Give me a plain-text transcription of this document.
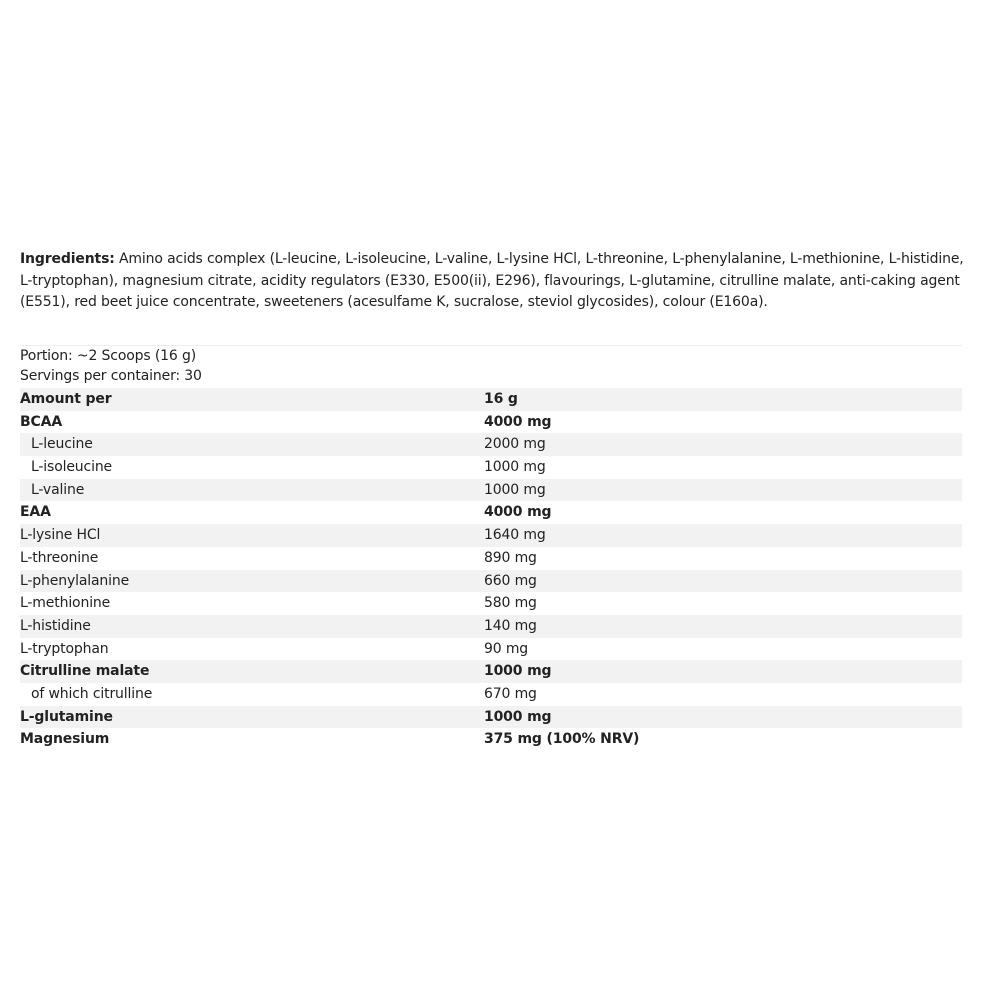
Ingredients: Amino acids complex (L-leucine, L-isoleucine, L-valine, L-lysine HCl, L-threonine, L-phenylalanine, L-methionine, L-histidine, L-tryptophan), magnesium citrate, acidity regulators (E330, E500(ii), E296), flavourings, L-glutamine, citrulline malate, anti-caking agent (E551), red beet juice concentrate, sweeteners (acesulfame K, sucralose, steviol glycosides), colour (E160a).
Portion: ~2 Scoops (16 g)
Servings per container: 30
Amount per	16 g
BCAA	4000 mg
L-leucine	2000 mg
L-isoleucine	1000 mg
L-valine	1000 mg
EAA	4000 mg
L-lysine HCl	1640 mg
L-threonine	890 mg
L-phenylalanine	660 mg
L-methionine	580 mg
L-histidine	140 mg
L-tryptophan	90 mg
Citrulline malate	1000 mg
of which citrulline	670 mg
L-glutamine	1000 mg
Magnesium	375 mg (100% NRV)
